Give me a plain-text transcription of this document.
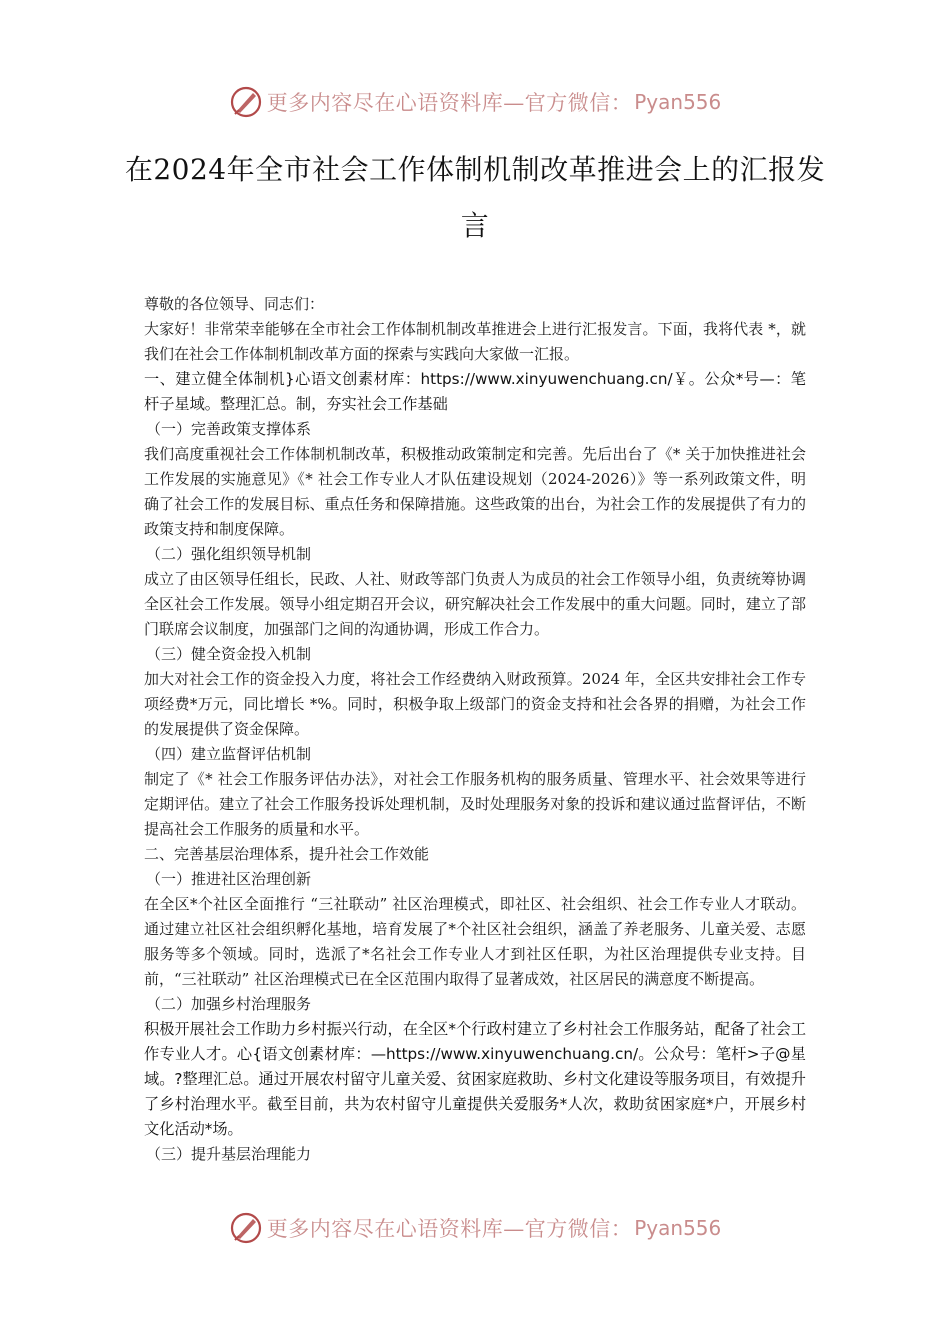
更多内容尽在心语资料库—官方微信： Pyan556
在2024年全市社会工作体制机制改革推进会上的汇报发言

尊敬的各位领导、同志们：

大家好！非常荣幸能够在全市社会工作体制机制改革推进会上进行汇报发言。下面，我将代表 *，就我们在社会工作体制机制改革方面的探索与实践向大家做一汇报。

一、建立健全体制机}心语文创素材库：https://www.xinyuwenchuang.cn/￥。公众*号—：笔杆子星域。整理汇总。制，夯实社会工作基础

（一）完善政策支撑体系

我们高度重视社会工作体制机制改革，积极推动政策制定和完善。先后出台了《* 关于加快推进社会工作发展的实施意见》《* 社会工作专业人才队伍建设规划（2024-2026）》等一系列政策文件，明确了社会工作的发展目标、重点任务和保障措施。这些政策的出台，为社会工作的发展提供了有力的政策支持和制度保障。

（二）强化组织领导机制

成立了由区领导任组长，民政、人社、财政等部门负责人为成员的社会工作领导小组，负责统筹协调全区社会工作发展。领导小组定期召开会议，研究解决社会工作发展中的重大问题。同时，建立了部门联席会议制度，加强部门之间的沟通协调，形成工作合力。

（三）健全资金投入机制

加大对社会工作的资金投入力度，将社会工作经费纳入财政预算。2024 年，全区共安排社会工作专项经费*万元，同比增长 *%。同时，积极争取上级部门的资金支持和社会各界的捐赠，为社会工作的发展提供了资金保障。

（四）建立监督评估机制

制定了《* 社会工作服务评估办法》，对社会工作服务机构的服务质量、管理水平、社会效果等进行定期评估。建立了社会工作服务投诉处理机制，及时处理服务对象的投诉和建议通过监督评估，不断提高社会工作服务的质量和水平。

二、完善基层治理体系，提升社会工作效能

（一）推进社区治理创新

在全区*个社区全面推行 “三社联动” 社区治理模式，即社区、社会组织、社会工作专业人才联动。通过建立社区社会组织孵化基地，培育发展了*个社区社会组织，涵盖了养老服务、儿童关爱、志愿服务等多个领域。同时，选派了*名社会工作专业人才到社区任职，为社区治理提供专业支持。目前，“三社联动” 社区治理模式已在全区范围内取得了显著成效，社区居民的满意度不断提高。

（二）加强乡村治理服务

积极开展社会工作助力乡村振兴行动，在全区*个行政村建立了乡村社会工作服务站，配备了社会工作专业人才。心{语文创素材库：—https://www.xinyuwenchuang.cn/。公众号：笔杆>子@星域。?整理汇总。通过开展农村留守儿童关爱、贫困家庭救助、乡村文化建设等服务项目，有效提升了乡村治理水平。截至目前，共为农村留守儿童提供关爱服务*人次，救助贫困家庭*户，开展乡村文化活动*场。

（三）提升基层治理能力

更多内容尽在心语资料库—官方微信： Pyan556
